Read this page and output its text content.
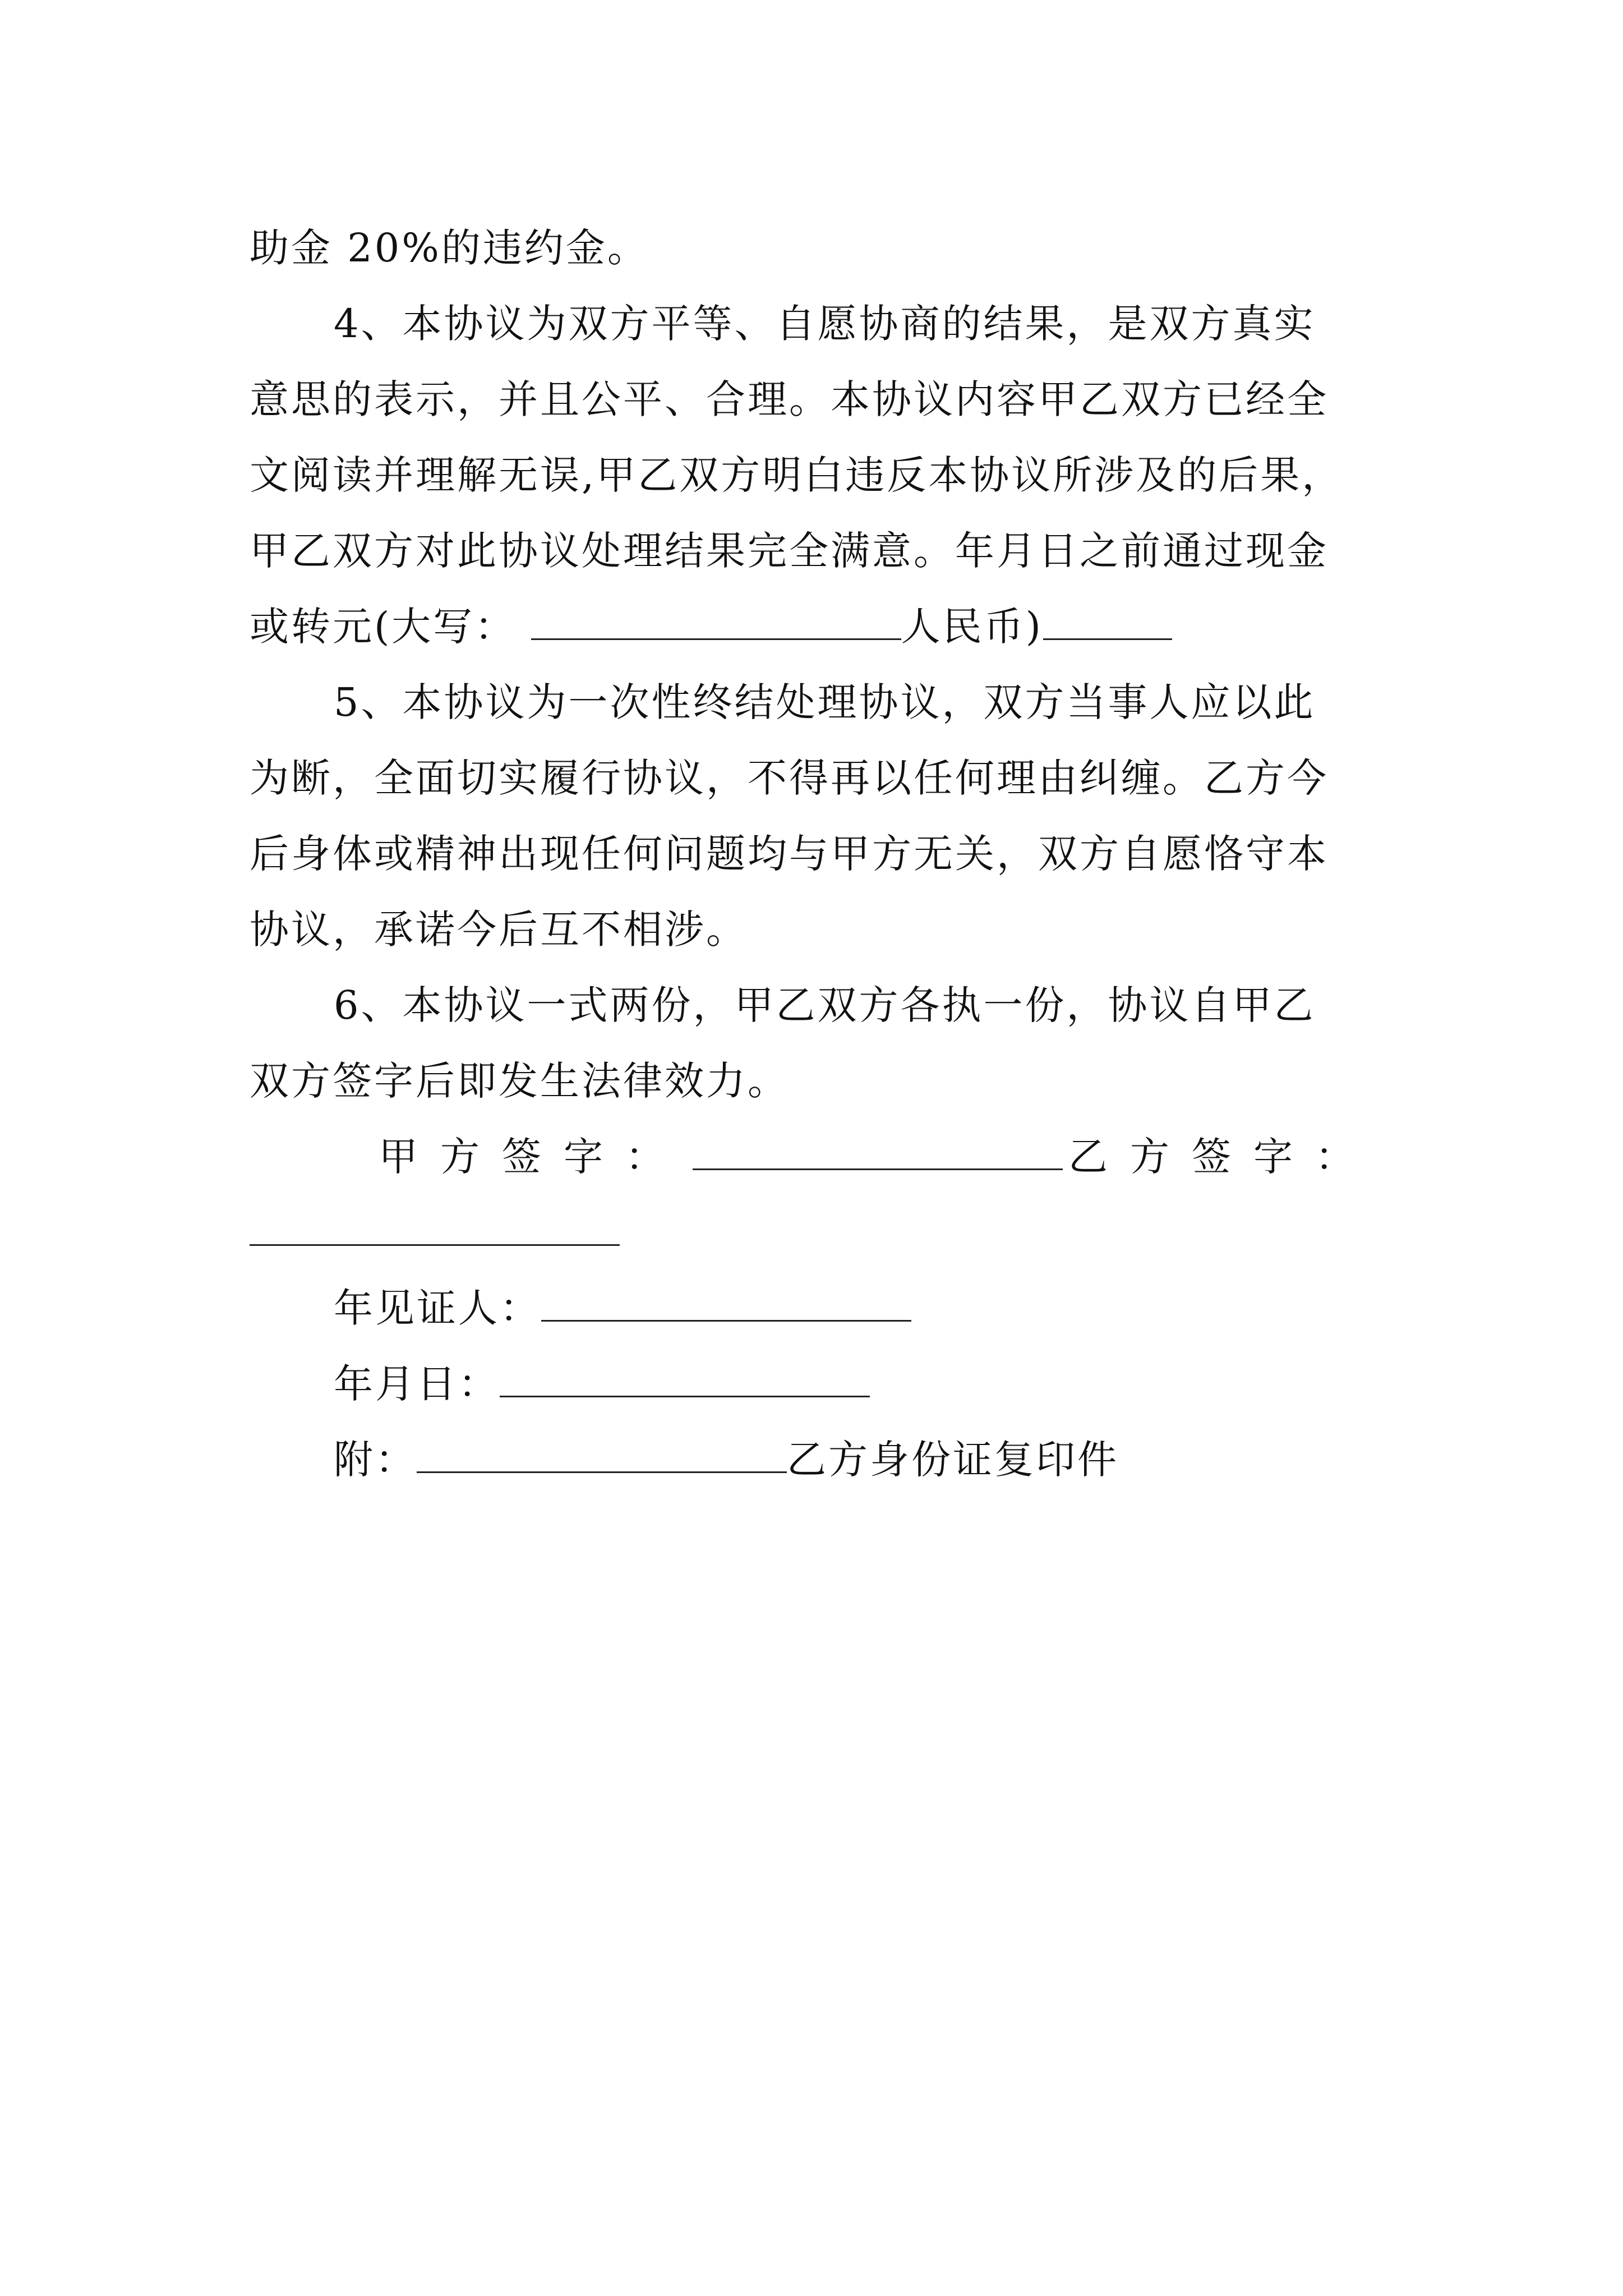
助金 20%的违约金。
4、本协议为双方平等、自愿协商的结果，是双方真实
意思的表示，并且公平、合理。本协议内容甲乙双方已经全
文阅读并理解无误,甲乙双方明白违反本协议所涉及的后果，
甲乙双方对此协议处理结果完全满意。年月日之前通过现金
或转元(大写：	人民币)
5、本协议为一次性终结处理协议，双方当事人应以此
为断，全面切实履行协议，不得再以任何理由纠缠。乙方今
后身体或精神出现任何问题均与甲方无关，双方自愿恪守本
协议，承诺今后互不相涉。
6、本协议一式两份，甲乙双方各执一份，协议自甲乙
双方签字后即发生法律效力。
甲方签字：	乙方签字：
年见证人：
年月日：
附：	乙方身份证复印件
